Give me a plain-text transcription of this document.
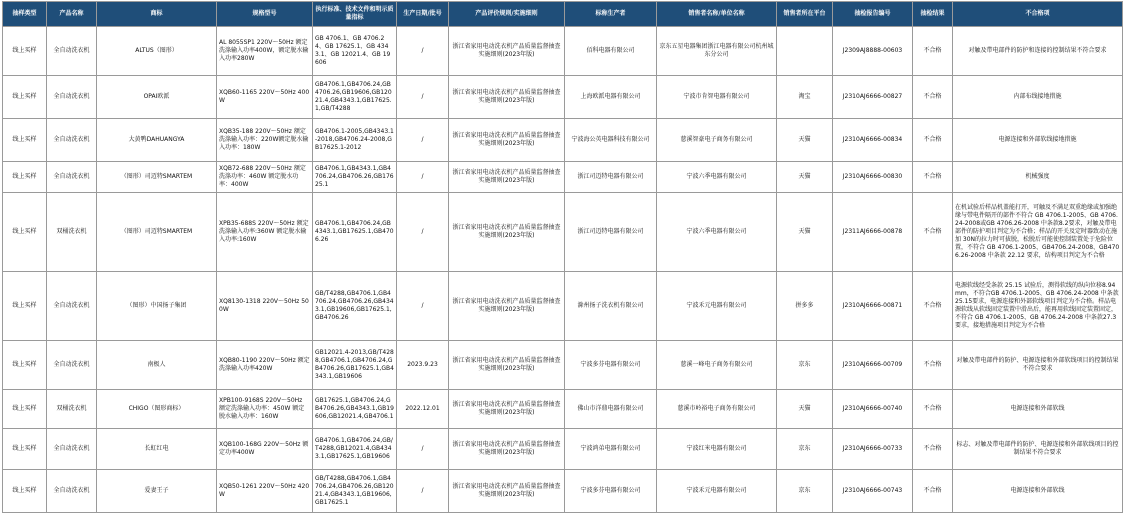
抽样类型	产品名称	商标	规格型号	执行标准、技术文件和明示质量指标	生产日期/批号	产品评价规则/实施细则	标称生产者	销售者名称/单位名称	销售者所在平台	抽检报告编号	抽检结果	不合格项
线上买样	全自动洗衣机	ALTUS（图形）	AL 8055SP1 220V～50Hz 额定洗涤输入功率400W，额定脱水输入功率280W	GB 4706.1、GB 4706.24、GB 17625.1、GB 4343.1、GB 12021.4、GB 19606	/	浙江省家用电动洗衣机产品质量监督抽查实施细则(2023年版)	佰科电器有限公司	京东五星电器集团浙江电器有限公司杭州城东分公司		J2309AJ8888-00603	不合格	对触及带电部件的防护和连接的控制结果不符合要求
线上买样	全自动洗衣机	OPAI欧派	XQB60-1165 220V～50Hz 400W	GB4706.1,GB4706.24,GB4706.26,GB19606,GB12021.4,GB4343.1,GB17625.1,GB/T4288	/	浙江省家用电动洗衣机产品质量监督抽查实施细则(2023年版)	上海欧派电器有限公司	宁波市肯智电器有限公司	淘宝	J2310AJ6666-00827	不合格	内部布线接地措施
线上买样	全自动洗衣机	大黄鸭DAHUANGYA	XQB35-188 220V～50Hz 额定洗涤输入功率：220W额定脱水输入功率：180W	GB4706.1-2005,GB4343.1-2018,GB4706.24-2008,GB17625.1-2012	/	浙江省家用电动洗衣机产品质量监督抽查实施细则(2023年版)	宁波海公英电器科技有限公司	慈溪智豪电子商务有限公司	天猫	J2310AJ6666-00834	不合格	电源连接和外部软线接地措施
线上买样	全自动洗衣机	（图形）司迈特SMARTEM	XQB72-688 220V～50Hz 额定洗涤功率：460W 额定脱水功率：400W	GB4706.1,GB4343.1,GB4706.24,GB4706.26,GB17625.1	/	浙江省家用电动洗衣机产品质量监督抽查实施细则(2023年版)	浙江司迈特电器有限公司	宁波六季电器有限公司	天猫	J2310AJ6666-00830	不合格	机械强度
线上买样	双桶洗衣机	（图形）司迈特SMARTEM	XPB35-688S 220V～50Hz 额定洗涤输入功率:360W 额定脱水输入功率:160W	GB4706.1,GB4706.24,GB4343.1,GB17625.1,GB4706.26	/	浙江省家用电动洗衣机产品质量监督抽查实施细则(2023年版)	浙江司迈特电器有限公司	宁波六季电器有限公司	天猫	J2311AJ6666-00878	不合格	在机试验后样品机盖能打开，可触及不满足双重绝缘或加强绝缘与带电件隔开的部件不符合 GB 4706.1-2005、GB 4706.24-2008或GB 4706.26-2008 中条款8.2要求，对触及带电部件的防护项目判定为不合格；样品的开关及定时器致动在施加 30N的拉力时可拔脱，松脱后可能使控制装置处于危险位置，不符合 GB 4706.1-2005、GB4706.24-2008、GB4706.26-2008 中条款 22.12 要求，结构项目判定为不合格
线上买样	全自动洗衣机	（图形）中国扬子集团	XQ8130-1318 220V～50Hz 500W	GB/T4288,GB4706.1,GB4706.24,GB4706.26,GB4343.1,GB19606,GB17625.1,GB4706.26	/	浙江省家用电动洗衣机产品质量监督抽查实施细则(2023年版)	滁州扬子洗衣机有限公司	宁波禾元电器有限公司	拼多多	J2310AJ6666-00871	不合格	电源软线经受条款 25.15 试验后，测得软线的纵向位移8.94mm，不符合GB 4706.1-2005、GB 4706.24-2008 中条款25.15要求，电源连接和外部软线项目判定为不合格。样品电源软线从软线固定装置中滑出后，能再用软线固定装置固定，不符合 GB 4706.1-2005、GB 4706.24-2008 中条款27.3要求，接地措施项目判定为不合格
线上买样	全自动洗衣机	南极人	XQB80-1190 220V～50Hz 额定洗涤输入功率420W	GB12021.4-2013,GB/T4288,GB4706.1,GB4706.24,GB4706.26,GB17625.1,GB4343.1,GB19606	2023.9.23	浙江省家用电动洗衣机产品质量监督抽查实施细则(2023年版)	宁波多芬电器有限公司	慈溪一峰电子商务有限公司	京东	J2310AJ6666-00709	不合格	对触及带电部件的防护、电源连接和外部软线项目的控制结果不符合要求
线上买样	双桶洗衣机	CHIGO（图形商标）	XPB100-9168S 220V～50Hz 额定洗涤输入功率：450W 额定脱水输入功率：160W	GB17625.1,GB4706.24,GB4706.26,GB4343.1,GB19606,GB12021.4,GB4706.1	2022.12.01	浙江省家用电动洗衣机产品质量监督抽查实施细则(2023年版)	佛山市洋鼎电器有限公司	慈溪市岭裕电子商务有限公司	天猫	J2310AJ6666-00740	不合格	电源连接和外部软线
线上买样	全自动洗衣机	长虹红电	XQB100-168G 220V～50Hz 额定功率400W	GB4706.1,GB4706.24,GB/T4288,GB12021.4,GB4343.1,GB17625.1,GB19606	/	浙江省家用电动洗衣机产品质量监督抽查实施细则(2023年版)	宁波鸿弟电器有限公司	宁波红米电器有限公司	京东	J2310AJ6666-00733	不合格	标志、对触及带电部件的防护、电源连接和外部软线项目的控制结果不符合要求
线上买样	全自动洗衣机	爱妻王子	XQB50-1261 220V～50Hz 420W	GB/T4288,GB4706.1,GB4706.24,GB4706.26,GB12021.4,GB4343.1,GB19606,GB17625.1	/	浙江省家用电动洗衣机产品质量监督抽查实施细则(2023年版)	宁波多芬电器有限公司	宁波禾元电器有限公司	京东	J2310AJ6666-00743	不合格	电源连接和外部软线
